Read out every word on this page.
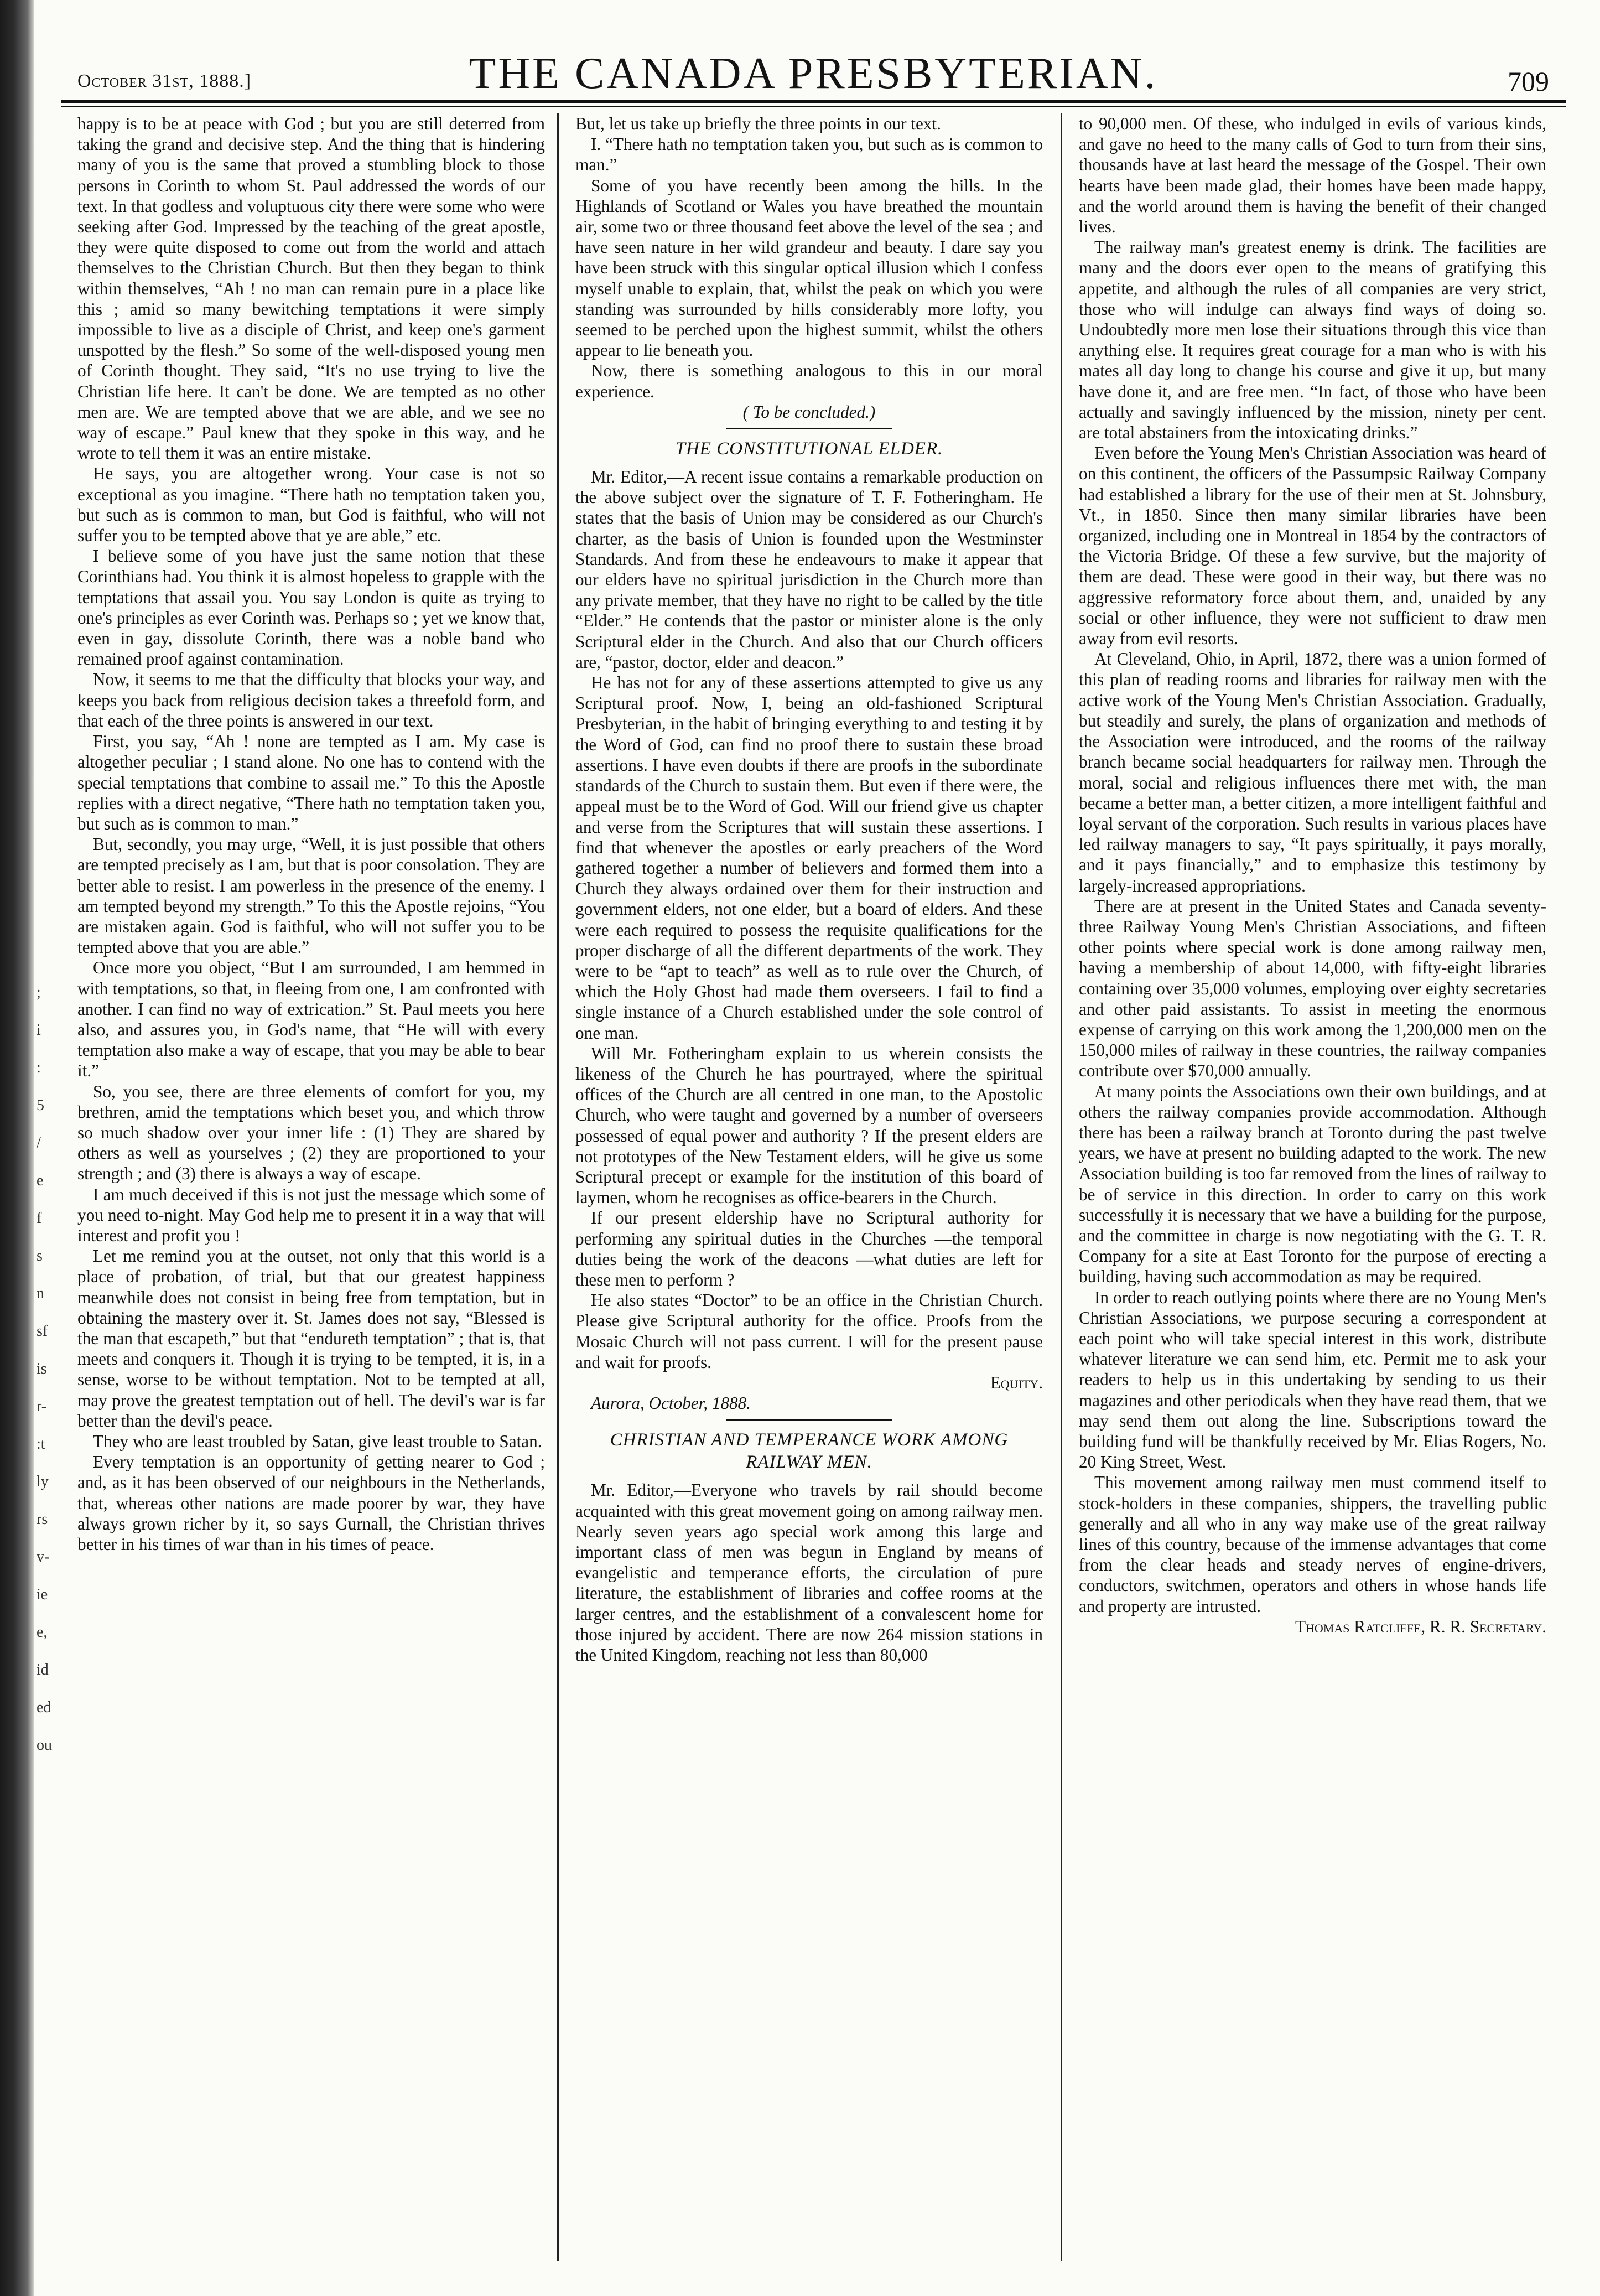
;
i
:
5
/
e
f
s
n
sf
is
r-
:t
ly
rs
v-
ie
e,
id
ed
ou
October 31st, 1888.]	THE CANADA PRESBYTERIAN.	709

happy is to be at peace with God ; but you are still deterred from taking the grand and decisive step. And the thing that is hindering many of you is the same that proved a stumbling block to those persons in Corinth to whom St. Paul addressed the words of our text. In that godless and voluptuous city there were some who were seeking after God. Impressed by the teaching of the great apostle, they were quite disposed to come out from the world and attach themselves to the Christian Church. But then they began to think within themselves, “Ah ! no man can remain pure in a place like this ; amid so many bewitching temptations it were simply impossible to live as a disciple of Christ, and keep one's garment unspotted by the flesh.” So some of the well-disposed young men of Corinth thought. They said, “It's no use trying to live the Christian life here. It can't be done. We are tempted as no other men are. We are tempted above that we are able, and we see no way of escape.” Paul knew that they spoke in this way, and he wrote to tell them it was an entire mistake.

He says, you are altogether wrong. Your case is not so exceptional as you imagine. “There hath no temptation taken you, but such as is common to man, but God is faithful, who will not suffer you to be tempted above that ye are able,” etc.

I believe some of you have just the same notion that these Corinthians had. You think it is almost hopeless to grapple with the temptations that assail you. You say London is quite as trying to one's principles as ever Corinth was. Perhaps so ; yet we know that, even in gay, dissolute Corinth, there was a noble band who remained proof against contamination.

Now, it seems to me that the difficulty that blocks your way, and keeps you back from religious decision takes a threefold form, and that each of the three points is answered in our text.

First, you say, “Ah ! none are tempted as I am. My case is altogether peculiar ; I stand alone. No one has to contend with the special temptations that combine to assail me.” To this the Apostle replies with a direct negative, “There hath no temptation taken you, but such as is common to man.”

But, secondly, you may urge, “Well, it is just possible that others are tempted precisely as I am, but that is poor consolation. They are better able to resist. I am powerless in the presence of the enemy. I am tempted beyond my strength.” To this the Apostle rejoins, “You are mistaken again. God is faithful, who will not suffer you to be tempted above that you are able.”

Once more you object, “But I am surrounded, I am hemmed in with temptations, so that, in fleeing from one, I am confronted with another. I can find no way of extrication.” St. Paul meets you here also, and assures you, in God's name, that “He will with every temptation also make a way of escape, that you may be able to bear it.”

So, you see, there are three elements of comfort for you, my brethren, amid the temptations which beset you, and which throw so much shadow over your inner life : (1) They are shared by others as well as yourselves ; (2) they are proportioned to your strength ; and (3) there is always a way of escape.

I am much deceived if this is not just the message which some of you need to-night. May God help me to present it in a way that will interest and profit you !

Let me remind you at the outset, not only that this world is a place of probation, of trial, but that our greatest happiness meanwhile does not consist in being free from temptation, but in obtaining the mastery over it. St. James does not say, “Blessed is the man that escapeth,” but that “endureth temptation” ; that is, that meets and conquers it. Though it is trying to be tempted, it is, in a sense, worse to be without temptation. Not to be tempted at all, may prove the greatest temptation out of hell. The devil's war is far better than the devil's peace.

They who are least troubled by Satan, give least trouble to Satan.

Every temptation is an opportunity of getting nearer to God ; and, as it has been observed of our neighbours in the Netherlands, that, whereas other nations are made poorer by war, they have always grown richer by it, so says Gurnall, the Christian thrives better in his times of war than in his times of peace.

But, let us take up briefly the three points in our text.

I. “There hath no temptation taken you, but such as is common to man.”

Some of you have recently been among the hills. In the Highlands of Scotland or Wales you have breathed the mountain air, some two or three thousand feet above the level of the sea ; and have seen nature in her wild grandeur and beauty. I dare say you have been struck with this singular optical illusion which I confess myself unable to explain, that, whilst the peak on which you were standing was surrounded by hills considerably more lofty, you seemed to be perched upon the highest summit, whilst the others appear to lie beneath you.

Now, there is something analogous to this in our moral experience.

( To be concluded.)

THE CONSTITUTIONAL ELDER.

Mr. Editor,—A recent issue contains a remarkable production on the above subject over the signature of T. F. Fotheringham. He states that the basis of Union may be considered as our Church's charter, as the basis of Union is founded upon the Westminster Standards. And from these he endeavours to make it appear that our elders have no spiritual jurisdiction in the Church more than any private member, that they have no right to be called by the title “Elder.” He contends that the pastor or minister alone is the only Scriptural elder in the Church. And also that our Church officers are, “pastor, doctor, elder and deacon.”

He has not for any of these assertions attempted to give us any Scriptural proof. Now, I, being an old-fashioned Scriptural Presbyterian, in the habit of bringing everything to and testing it by the Word of God, can find no proof there to sustain these broad assertions. I have even doubts if there are proofs in the subordinate standards of the Church to sustain them. But even if there were, the appeal must be to the Word of God. Will our friend give us chapter and verse from the Scriptures that will sustain these assertions. I find that whenever the apostles or early preachers of the Word gathered together a number of believers and formed them into a Church they always ordained over them for their instruction and government elders, not one elder, but a board of elders. And these were each required to possess the requisite qualifications for the proper discharge of all the different departments of the work. They were to be “apt to teach” as well as to rule over the Church, of which the Holy Ghost had made them overseers. I fail to find a single instance of a Church established under the sole control of one man.

Will Mr. Fotheringham explain to us wherein consists the likeness of the Church he has pourtrayed, where the spiritual offices of the Church are all centred in one man, to the Apostolic Church, who were taught and governed by a number of overseers possessed of equal power and authority ? If the present elders are not prototypes of the New Testament elders, will he give us some Scriptural precept or example for the institution of this board of laymen, whom he recognises as office-bearers in the Church.

If our present eldership have no Scriptural authority for performing any spiritual duties in the Churches —the temporal duties being the work of the deacons —what duties are left for these men to perform ?

He also states “Doctor” to be an office in the Christian Church. Please give Scriptural authority for the office. Proofs from the Mosaic Church will not pass current. I will for the present pause and wait for proofs.

Equity.

Aurora, October, 1888.

CHRISTIAN AND TEMPERANCE WORK AMONG RAILWAY MEN.

Mr. Editor,—Everyone who travels by rail should become acquainted with this great movement going on among railway men. Nearly seven years ago special work among this large and important class of men was begun in England by means of evangelistic and temperance efforts, the circulation of pure literature, the establishment of libraries and coffee rooms at the larger centres, and the establishment of a convalescent home for those injured by accident. There are now 264 mission stations in the United Kingdom, reaching not less than 80,000

to 90,000 men. Of these, who indulged in evils of various kinds, and gave no heed to the many calls of God to turn from their sins, thousands have at last heard the message of the Gospel. Their own hearts have been made glad, their homes have been made happy, and the world around them is having the benefit of their changed lives.

The railway man's greatest enemy is drink. The facilities are many and the doors ever open to the means of gratifying this appetite, and although the rules of all companies are very strict, those who will indulge can always find ways of doing so. Undoubtedly more men lose their situations through this vice than anything else. It requires great courage for a man who is with his mates all day long to change his course and give it up, but many have done it, and are free men. “In fact, of those who have been actually and savingly influenced by the mission, ninety per cent. are total abstainers from the intoxicating drinks.”

Even before the Young Men's Christian Association was heard of on this continent, the officers of the Passumpsic Railway Company had established a library for the use of their men at St. Johnsbury, Vt., in 1850. Since then many similar libraries have been organized, including one in Montreal in 1854 by the contractors of the Victoria Bridge. Of these a few survive, but the majority of them are dead. These were good in their way, but there was no aggressive reformatory force about them, and, unaided by any social or other influence, they were not sufficient to draw men away from evil resorts.

At Cleveland, Ohio, in April, 1872, there was a union formed of this plan of reading rooms and libraries for railway men with the active work of the Young Men's Christian Association. Gradually, but steadily and surely, the plans of organization and methods of the Association were introduced, and the rooms of the railway branch became social headquarters for railway men. Through the moral, social and religious influences there met with, the man became a better man, a better citizen, a more intelligent faithful and loyal servant of the corporation. Such results in various places have led railway managers to say, “It pays spiritually, it pays morally, and it pays financially,” and to emphasize this testimony by largely-increased appropriations.

There are at present in the United States and Canada seventy-three Railway Young Men's Christian Associations, and fifteen other points where special work is done among railway men, having a membership of about 14,000, with fifty-eight libraries containing over 35,000 volumes, employing over eighty secretaries and other paid assistants. To assist in meeting the enormous expense of carrying on this work among the 1,200,000 men on the 150,000 miles of railway in these countries, the railway companies contribute over $70,000 annually.

At many points the Associations own their own buildings, and at others the railway companies provide accommodation. Although there has been a railway branch at Toronto during the past twelve years, we have at present no building adapted to the work. The new Association building is too far removed from the lines of railway to be of service in this direction. In order to carry on this work successfully it is necessary that we have a building for the purpose, and the committee in charge is now negotiating with the G. T. R. Company for a site at East Toronto for the purpose of erecting a building, having such accommodation as may be required.

In order to reach outlying points where there are no Young Men's Christian Associations, we purpose securing a correspondent at each point who will take special interest in this work, distribute whatever literature we can send him, etc. Permit me to ask your readers to help us in this undertaking by sending to us their magazines and other periodicals when they have read them, that we may send them out along the line. Subscriptions toward the building fund will be thankfully received by Mr. Elias Rogers, No. 20 King Street, West.

This movement among railway men must commend itself to stock-holders in these companies, shippers, the travelling public generally and all who in any way make use of the great railway lines of this country, because of the immense advantages that come from the clear heads and steady nerves of engine-drivers, conductors, switchmen, operators and others in whose hands life and property are intrusted.

Thomas Ratcliffe, R. R. Secretary.
